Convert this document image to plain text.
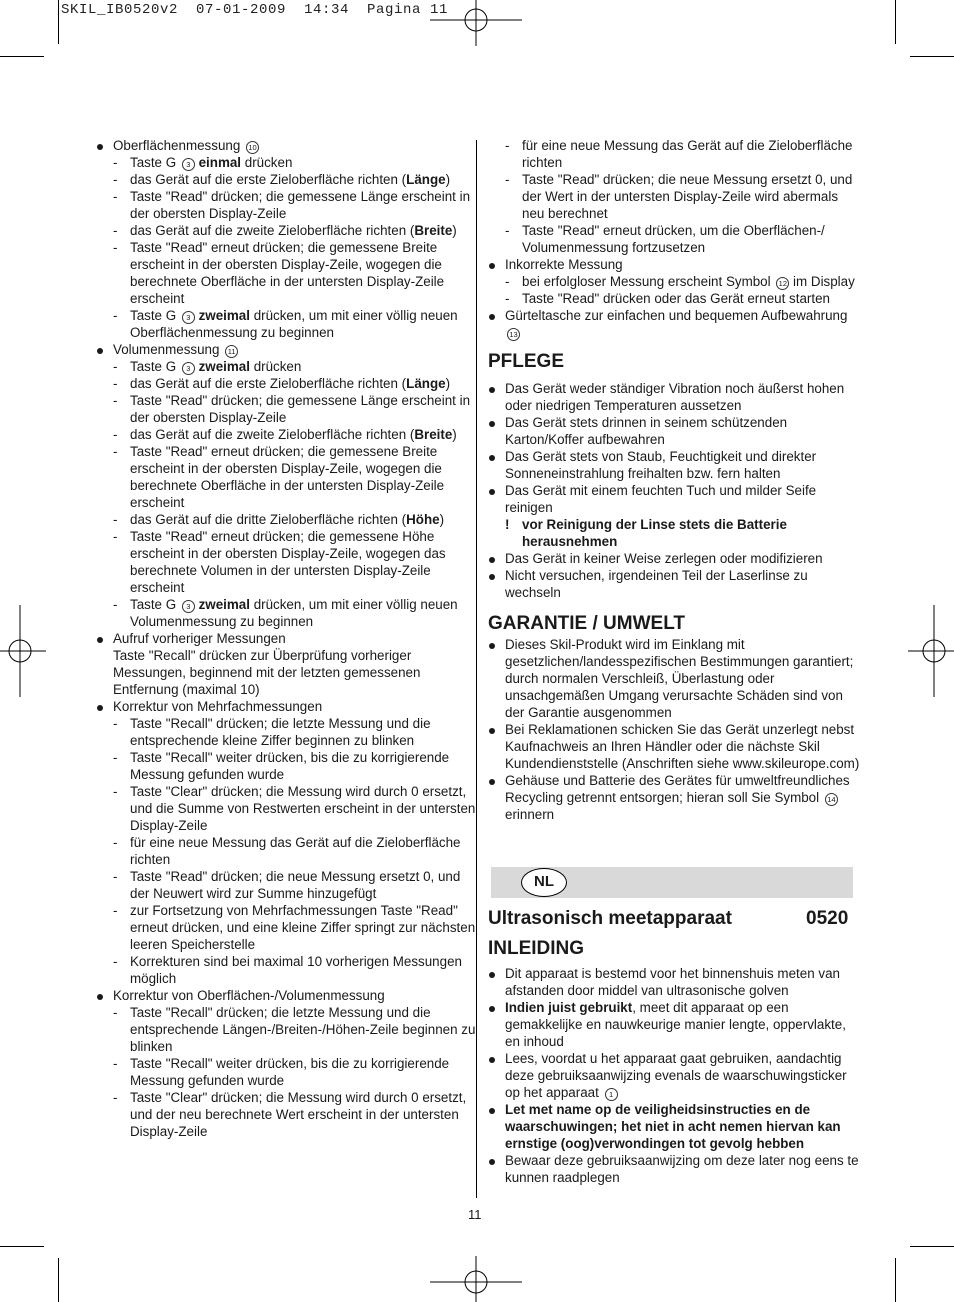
SKIL_IB0520v2  07-01-2009  14:34  Pagina 11
Oberflächenmessung 10
- Taste G 3 einmal drücken
- das Gerät auf die erste Zieloberfläche richten (Länge)
- Taste "Read" drücken; die gemessene Länge erscheint in der obersten Display-Zeile
- das Gerät auf die zweite Zieloberfläche richten (Breite)
- Taste "Read" erneut drücken; die gemessene Breite erscheint in der obersten Display-Zeile, wogegen die berechnete Oberfläche in der untersten Display-Zeile erscheint
- Taste G 3 zweimal drücken, um mit einer völlig neuen Oberflächenmessung zu beginnen
Volumenmessung 11
- Taste G 3 zweimal drücken
- das Gerät auf die erste Zieloberfläche richten (Länge)
- Taste "Read" drücken; die gemessene Länge erscheint in der obersten Display-Zeile
- das Gerät auf die zweite Zieloberfläche richten (Breite)
- Taste "Read" erneut drücken; die gemessene Breite erscheint in der obersten Display-Zeile, wogegen die berechnete Oberfläche in der untersten Display-Zeile erscheint
- das Gerät auf die dritte Zieloberfläche richten (Höhe)
- Taste "Read" erneut drücken; die gemessene Höhe erscheint in der obersten Display-Zeile, wogegen das berechnete Volumen in der untersten Display-Zeile erscheint
- Taste G 3 zweimal drücken, um mit einer völlig neuen Volumenmessung zu beginnen
Aufruf vorheriger Messungen
Taste "Recall" drücken zur Überprüfung vorheriger Messungen, beginnend mit der letzten gemessenen Entfernung (maximal 10)
Korrektur von Mehrfachmessungen
- Taste "Recall" drücken; die letzte Messung und die entsprechende kleine Ziffer beginnen zu blinken
- Taste "Recall" weiter drücken, bis die zu korrigierende Messung gefunden wurde
- Taste "Clear" drücken; die Messung wird durch 0 ersetzt, und die Summe von Restwerten erscheint in der untersten Display-Zeile
- für eine neue Messung das Gerät auf die Zieloberfläche richten
- Taste "Read" drücken; die neue Messung ersetzt 0, und der Neuwert wird zur Summe hinzugefügt
- zur Fortsetzung von Mehrfachmessungen Taste "Read" erneut drücken, und eine kleine Ziffer springt zur nächsten leeren Speicherstelle
- Korrekturen sind bei maximal 10 vorherigen Messungen möglich
Korrektur von Oberflächen-/Volumenmessung
- Taste "Recall" drücken; die letzte Messung und die entsprechende Längen-/Breiten-/Höhen-Zeile beginnen zu blinken
- Taste "Recall" weiter drücken, bis die zu korrigierende Messung gefunden wurde
- Taste "Clear" drücken; die Messung wird durch 0 ersetzt, und der neu berechnete Wert erscheint in der untersten Display-Zeile
- für eine neue Messung das Gerät auf die Zieloberfläche richten
- Taste "Read" drücken; die neue Messung ersetzt 0, und der Wert in der untersten Display-Zeile wird abermals neu berechnet
- Taste "Read" erneut drücken, um die Oberflächen-/ Volumenmessung fortzusetzen
Inkorrekte Messung
- bei erfolgloser Messung erscheint Symbol 12 im Display
- Taste "Read" drücken oder das Gerät erneut starten
Gürteltasche zur einfachen und bequemen Aufbewahrung 13
PFLEGE
Das Gerät weder ständiger Vibration noch äußerst hohen oder niedrigen Temperaturen aussetzen
Das Gerät stets drinnen in seinem schützenden Karton/Koffer aufbewahren
Das Gerät stets von Staub, Feuchtigkeit und direkter Sonneneinstrahlung freihalten bzw. fern halten
Das Gerät mit einem feuchten Tuch und milder Seife reinigen
! vor Reinigung der Linse stets die Batterie herausnehmen
Das Gerät in keiner Weise zerlegen oder modifizieren
Nicht versuchen, irgendeinen Teil der Laserlinse zu wechseln
GARANTIE / UMWELT
Dieses Skil-Produkt wird im Einklang mit gesetzlichen/landesspezifischen Bestimmungen garantiert; durch normalen Verschleiß, Überlastung oder unsachgemäßen Umgang verursachte Schäden sind von der Garantie ausgenommen
Bei Reklamationen schicken Sie das Gerät unzerlegt nebst Kaufnachweis an Ihren Händler oder die nächste Skil Kundendienststelle (Anschriften siehe www.skileurope.com)
Gehäuse und Batterie des Gerätes für umweltfreundliches Recycling getrennt entsorgen; hieran soll Sie Symbol 14 erinnern
NL
Ultrasonisch meetapparaat	0520
INLEIDING
Dit apparaat is bestemd voor het binnenshuis meten van afstanden door middel van ultrasonische golven
Indien juist gebruikt, meet dit apparaat op een gemakkelijke en nauwkeurige manier lengte, oppervlakte, en inhoud
Lees, voordat u het apparaat gaat gebruiken, aandachtig deze gebruiksaanwijzing evenals de waarschuwingsticker op het apparaat 1
Let met name op de veiligheidsinstructies en de waarschuwingen; het niet in acht nemen hiervan kan ernstige (oog)verwondingen tot gevolg hebben
Bewaar deze gebruiksaanwijzing om deze later nog eens te kunnen raadplegen
11
